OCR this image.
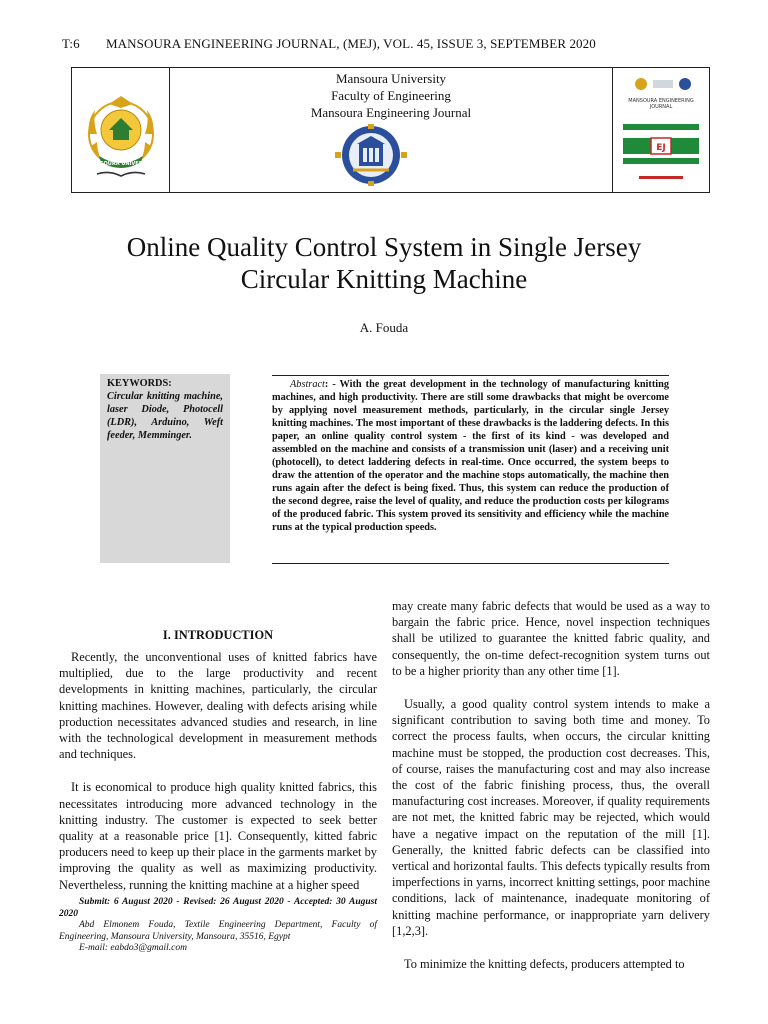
T:6 MANSOURA ENGINEERING JOURNAL, (MEJ), VOL. 45, ISSUE 3, SEPTEMBER 2020
MANSOURA UNIVERSITY
Mansoura University
Faculty of Engineering
Mansoura Engineering Journal
EJ
MANSOURA ENGINEERING JOURNAL
Online Quality Control System in Single Jersey Circular Knitting Machine
A. Fouda
KEYWORDS:
Circular knitting machine, laser Diode, Photocell (LDR), Arduino, Weft feeder, Memminger.
Abstract: - With the great development in the technology of manufacturing knitting machines, and high productivity. There are still some drawbacks that might be overcome by applying novel measurement methods, particularly, in the circular single Jersey knitting machines. The most important of these drawbacks is the laddering defects. In this paper, an online quality control system - the first of its kind - was developed and assembled on the machine and consists of a transmission unit (laser) and a receiving unit (photocell), to detect laddering defects in real-time. Once occurred, the system beeps to draw the attention of the operator and the machine stops automatically, the machine then runs again after the defect is being fixed. Thus, this system can reduce the production of the second degree, raise the level of quality, and reduce the production costs per kilograms of the produced fabric. This system proved its sensitivity and efficiency while the machine runs at the typical production speeds.
I. INTRODUCTION

Recently, the unconventional uses of knitted fabrics have multiplied, due to the large productivity and recent developments in knitting machines, particularly, the circular knitting machines. However, dealing with defects arising while production necessitates advanced studies and research, in line with the technological development in measurement methods and techniques.

It is economical to produce high quality knitted fabrics, this necessitates introducing more advanced technology in the knitting industry. The customer is expected to seek better quality at a reasonable price [1]. Consequently, kitted fabric producers need to keep up their place in the garments market by improving the quality as well as maximizing productivity. Nevertheless, running the knitting machine at a higher speed

Submit: 6 August 2020 - Revised: 26 August 2020 - Accepted: 30 August 2020
Abd Elmonem Fouda, Textile Engineering Department, Faculty of Engineering, Mansoura University, Mansoura, 35516, Egypt
E-mail: eabdo3@gmail.com

may create many fabric defects that would be used as a way to bargain the fabric price. Hence, novel inspection techniques shall be utilized to guarantee the knitted fabric quality, and consequently, the on-time defect-recognition system turns out to be a higher priority than any other time [1].

Usually, a good quality control system intends to make a significant contribution to saving both time and money. To correct the process faults, when occurs, the circular knitting machine must be stopped, the production cost decreases. This, of course, raises the manufacturing cost and may also increase the cost of the fabric finishing process, thus, the overall manufacturing cost increases. Moreover, if quality requirements are not met, the knitted fabric may be rejected, which would have a negative impact on the reputation of the mill [1]. Generally, the knitted fabric defects can be classified into vertical and horizontal faults. This defects typically results from imperfections in yarns, incorrect knitting settings, poor machine conditions, lack of maintenance, inadequate monitoring of knitting machine performance, or inappropriate yarn delivery [1,2,3].

To minimize the knitting defects, producers attempted to
